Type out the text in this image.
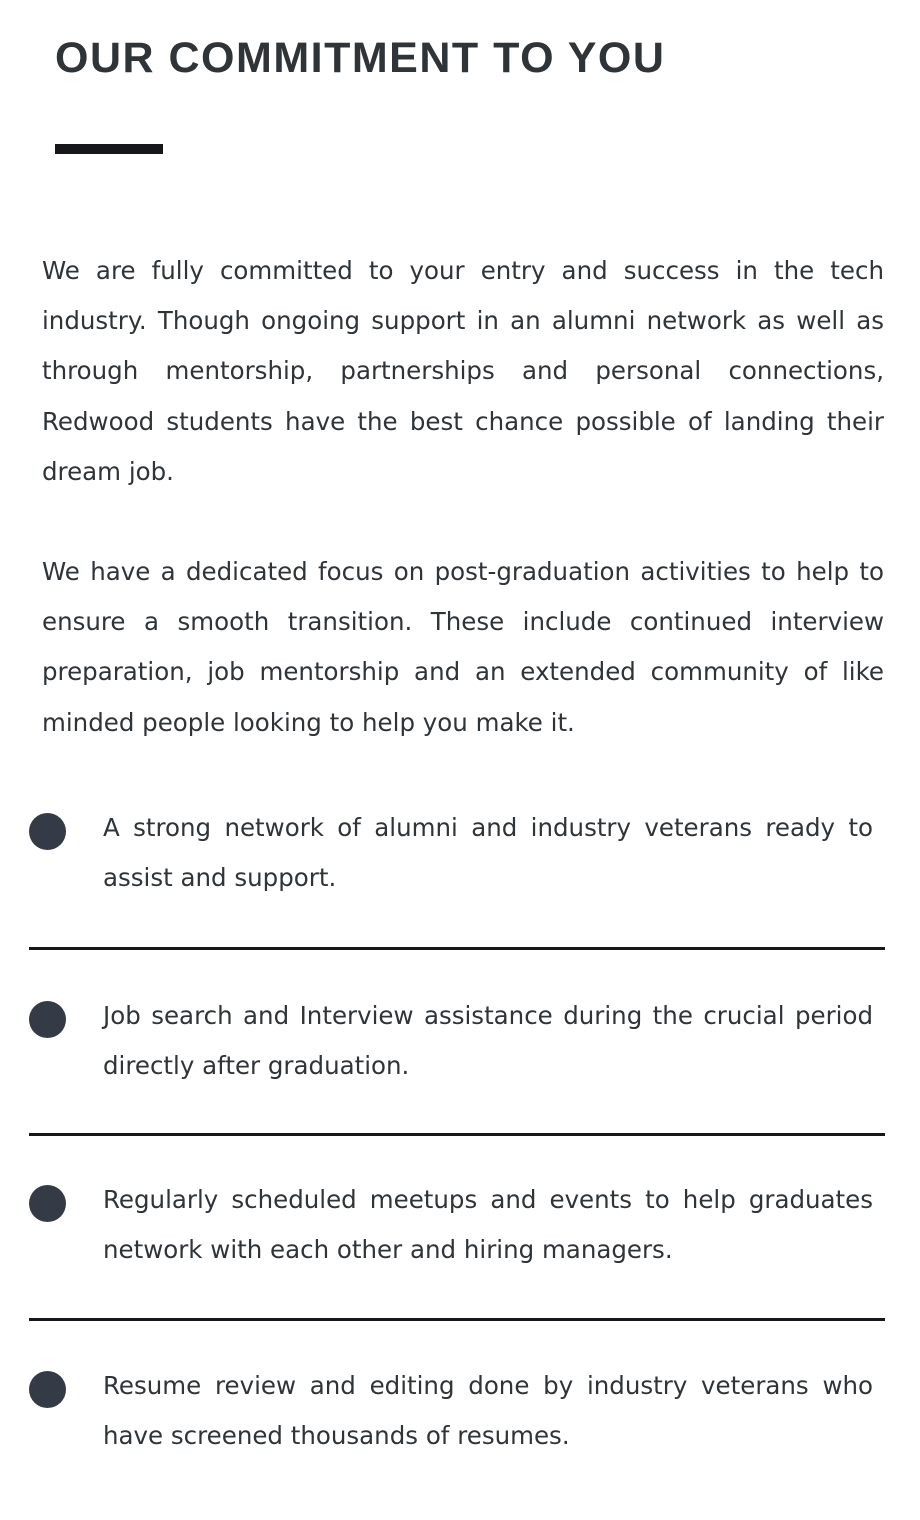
OUR COMMITMENT TO YOU

We are fully committed to your entry and success in the tech industry. Though ongoing support in an alumni network as well as through mentorship, partnerships and personal connections, Redwood students have the best chance possible of landing their dream job.

We have a dedicated focus on post-graduation activities to help to ensure a smooth transition. These include continued interview preparation, job mentorship and an extended community of like minded people looking to help you make it.

A strong network of alumni and industry veterans ready to assist and support.

Job search and Interview assistance during the crucial period directly after graduation.

Regularly scheduled meetups and events to help graduates network with each other and hiring managers.

Resume review and editing done by industry veterans who have screened thousands of resumes.
